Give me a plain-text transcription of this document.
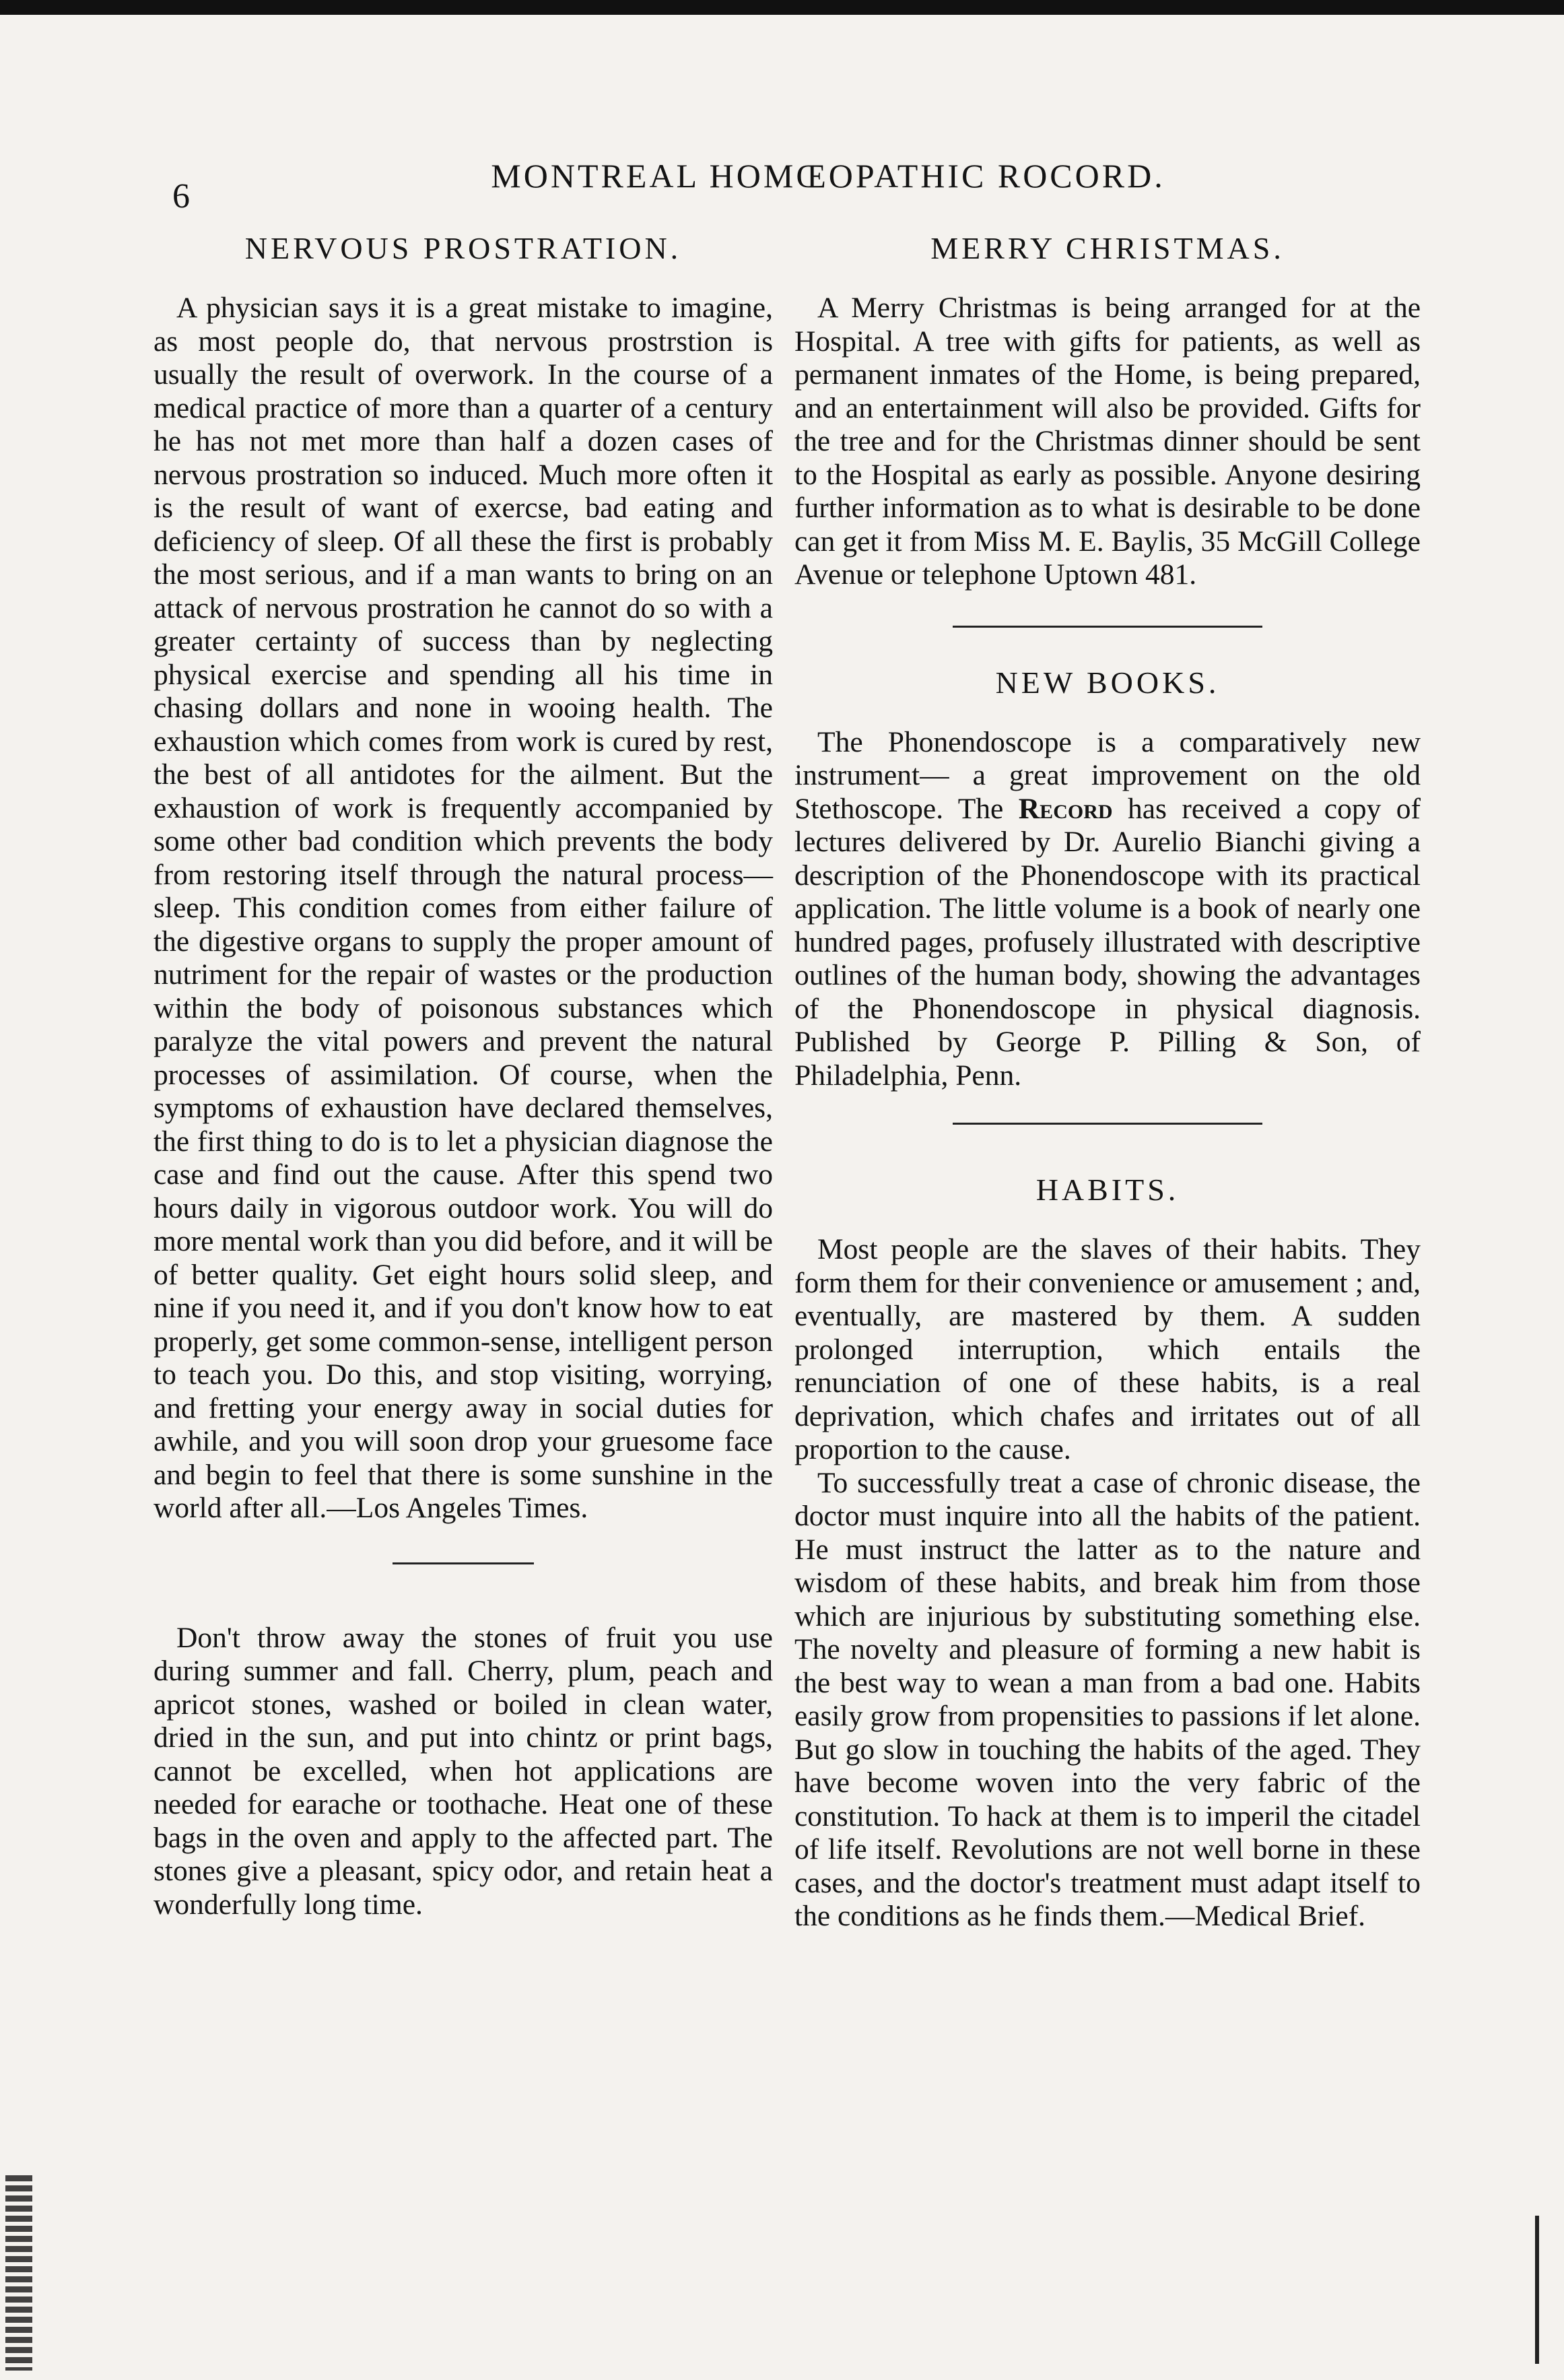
6
MONTREAL HOMŒOPATHIC ROCORD.
NERVOUS PROSTRATION.

A physician says it is a great mistake to imagine, as most people do, that nervous prostrstion is usually the result of overwork. In the course of a medical practice of more than a quarter of a century he has not met more than half a dozen cases of nervous prostration so induced. Much more often it is the result of want of exercse, bad eating and deficiency of sleep. Of all these the first is probably the most serious, and if a man wants to bring on an attack of nervous prostration he cannot do so with a greater certainty of success than by neglecting physical exercise and spending all his time in chasing dollars and none in wooing health. The exhaustion which comes from work is cured by rest, the best of all antidotes for the ailment. But the exhaustion of work is frequently accompanied by some other bad condition which prevents the body from restoring itself through the natural process—sleep. This condition comes from either failure of the digestive organs to supply the proper amount of nutriment for the repair of wastes or the production within the body of poisonous substances which paralyze the vital powers and prevent the natural processes of assimilation. Of course, when the symptoms of exhaustion have declared themselves, the first thing to do is to let a physician diagnose the case and find out the cause. After this spend two hours daily in vigorous outdoor work. You will do more mental work than you did before, and it will be of better quality. Get eight hours solid sleep, and nine if you need it, and if you don't know how to eat properly, get some common-sense, intelligent person to teach you. Do this, and stop visiting, worrying, and fretting your energy away in social duties for awhile, and you will soon drop your gruesome face and begin to feel that there is some sunshine in the world after all.—Los Angeles Times.

Don't throw away the stones of fruit you use during summer and fall. Cherry, plum, peach and apricot stones, washed or boiled in clean water, dried in the sun, and put into chintz or print bags, cannot be excelled, when hot applications are needed for earache or toothache. Heat one of these bags in the oven and apply to the affected part. The stones give a pleasant, spicy odor, and retain heat a wonderfully long time.

MERRY CHRISTMAS.

A Merry Christmas is being arranged for at the Hospital. A tree with gifts for patients, as well as permanent inmates of the Home, is being prepared, and an entertainment will also be provided. Gifts for the tree and for the Christmas dinner should be sent to the Hospital as early as possible. Anyone desiring further information as to what is desirable to be done can get it from Miss M. E. Baylis, 35 McGill College Avenue or telephone Uptown 481.

NEW BOOKS.

The Phonendoscope is a comparatively new instrument— a great improvement on the old Stethoscope. The Record has received a copy of lectures delivered by Dr. Aurelio Bianchi giving a description of the Phonendoscope with its practical application. The little volume is a book of nearly one hundred pages, profusely illustrated with descriptive outlines of the human body, showing the advantages of the Phonendoscope in physical diagnosis. Published by George P. Pilling & Son, of Philadelphia, Penn.

HABITS.

Most people are the slaves of their habits. They form them for their convenience or amusement ; and, eventually, are mastered by them. A sudden prolonged interruption, which entails the renunciation of one of these habits, is a real deprivation, which chafes and irritates out of all proportion to the cause.

To successfully treat a case of chronic disease, the doctor must inquire into all the habits of the patient. He must instruct the latter as to the nature and wisdom of these habits, and break him from those which are injurious by substituting something else. The novelty and pleasure of forming a new habit is the best way to wean a man from a bad one. Habits easily grow from propensities to passions if let alone. But go slow in touching the habits of the aged. They have become woven into the very fabric of the constitution. To hack at them is to imperil the citadel of life itself. Revolutions are not well borne in these cases, and the doctor's treatment must adapt itself to the conditions as he finds them.—Medical Brief.
